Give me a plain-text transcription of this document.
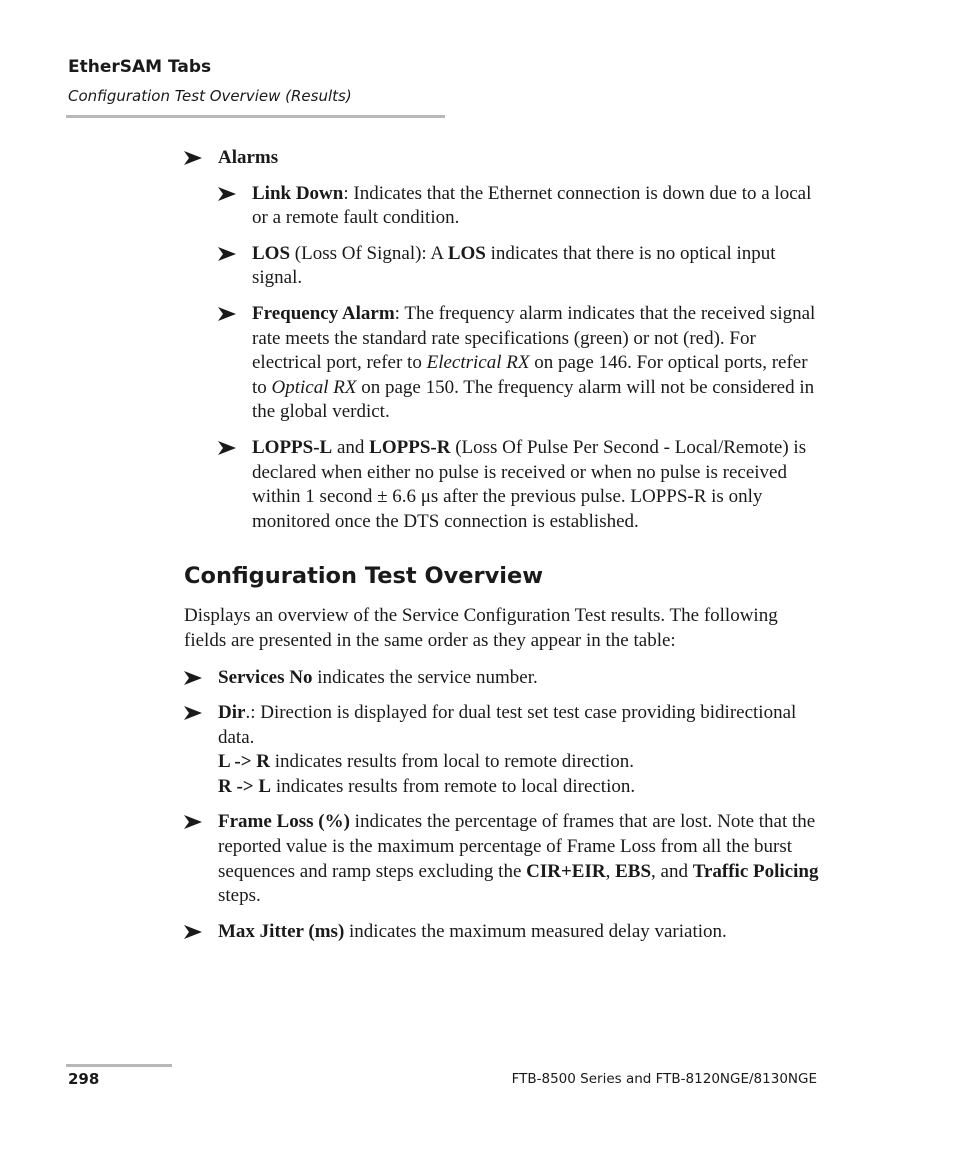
EtherSAM Tabs
Configuration Test Overview (Results)

Alarms

Link Down: Indicates that the Ethernet connection is down due to a local or a remote fault condition.

LOS (Loss Of Signal): A LOS indicates that there is no optical input signal.

Frequency Alarm: The frequency alarm indicates that the received signal rate meets the standard rate specifications (green) or not (red). For electrical port, refer to Electrical RX on page 146. For optical ports, refer to Optical RX on page 150. The frequency alarm will not be considered in the global verdict.

LOPPS-L and LOPPS-R (Loss Of Pulse Per Second - Local/Remote) is declared when either no pulse is received or when no pulse is received within 1 second ± 6.6 μs after the previous pulse. LOPPS-R is only monitored once the DTS connection is established.

Configuration Test Overview

Displays an overview of the Service Configuration Test results. The following fields are presented in the same order as they appear in the table:

Services No indicates the service number.

Dir.: Direction is displayed for dual test set test case providing bidirectional data.

L -> R indicates results from local to remote direction.

R -> L indicates results from remote to local direction.

Frame Loss (%) indicates the percentage of frames that are lost. Note that the reported value is the maximum percentage of Frame Loss from all the burst sequences and ramp steps excluding the CIR+EIR, EBS, and Traffic Policing steps.

Max Jitter (ms) indicates the maximum measured delay variation.

298	FTB-8500 Series and FTB-8120NGE/8130NGE
